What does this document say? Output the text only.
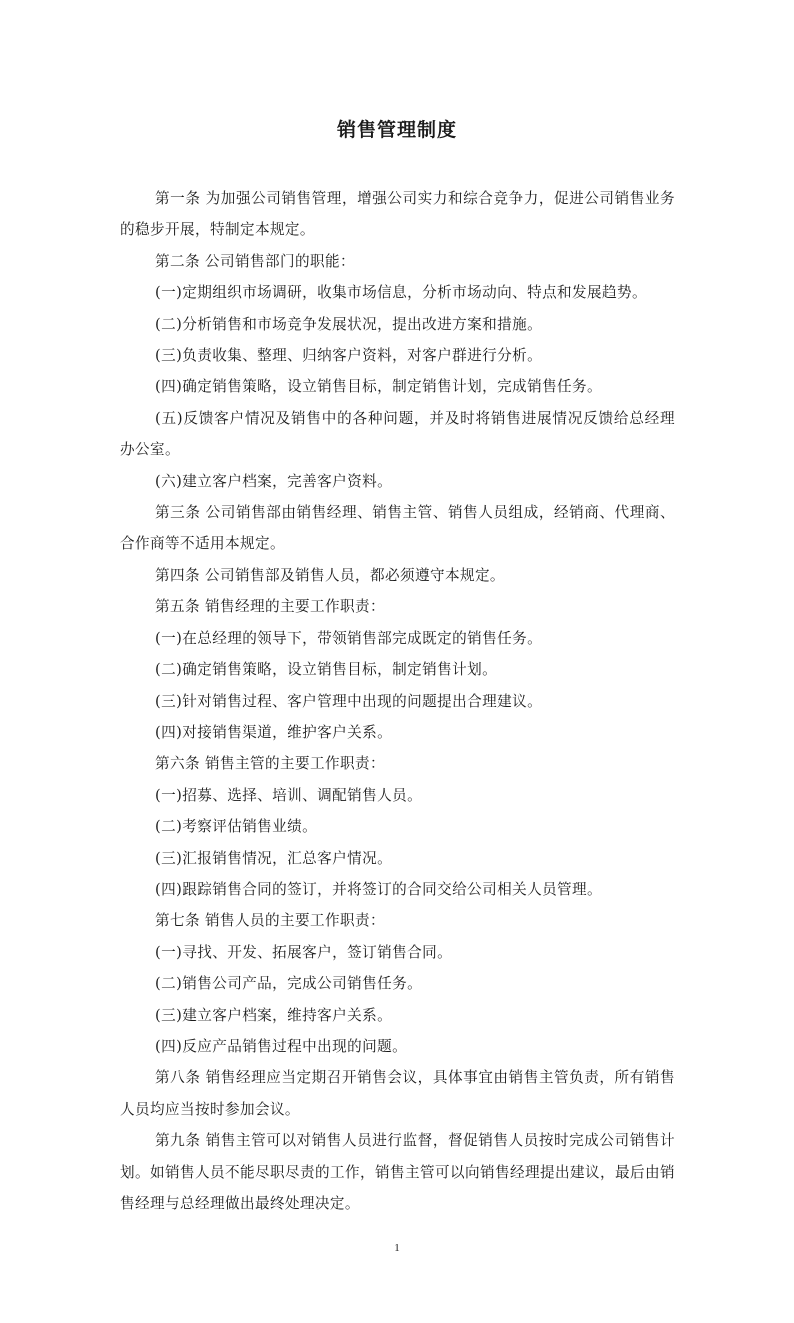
销售管理制度

第一条 为加强公司销售管理，增强公司实力和综合竞争力，促进公司销售业务的稳步开展，特制定本规定。

第二条 公司销售部门的职能：

(一)定期组织市场调研，收集市场信息，分析市场动向、特点和发展趋势。

(二)分析销售和市场竞争发展状况，提出改进方案和措施。

(三)负责收集、整理、归纳客户资料，对客户群进行分析。

(四)确定销售策略，设立销售目标，制定销售计划，完成销售任务。

(五)反馈客户情况及销售中的各种问题，并及时将销售进展情况反馈给总经理办公室。

(六)建立客户档案，完善客户资料。

第三条 公司销售部由销售经理、销售主管、销售人员组成，经销商、代理商、合作商等不适用本规定。

第四条 公司销售部及销售人员，都必须遵守本规定。

第五条 销售经理的主要工作职责：

(一)在总经理的领导下，带领销售部完成既定的销售任务。

(二)确定销售策略，设立销售目标，制定销售计划。

(三)针对销售过程、客户管理中出现的问题提出合理建议。

(四)对接销售渠道，维护客户关系。

第六条 销售主管的主要工作职责：

(一)招募、选择、培训、调配销售人员。

(二)考察评估销售业绩。

(三)汇报销售情况，汇总客户情况。

(四)跟踪销售合同的签订，并将签订的合同交给公司相关人员管理。

第七条 销售人员的主要工作职责：

(一)寻找、开发、拓展客户，签订销售合同。

(二)销售公司产品，完成公司销售任务。

(三)建立客户档案，维持客户关系。

(四)反应产品销售过程中出现的问题。

第八条 销售经理应当定期召开销售会议，具体事宜由销售主管负责，所有销售人员均应当按时参加会议。

第九条 销售主管可以对销售人员进行监督，督促销售人员按时完成公司销售计划。如销售人员不能尽职尽责的工作，销售主管可以向销售经理提出建议，最后由销售经理与总经理做出最终处理决定。

1
